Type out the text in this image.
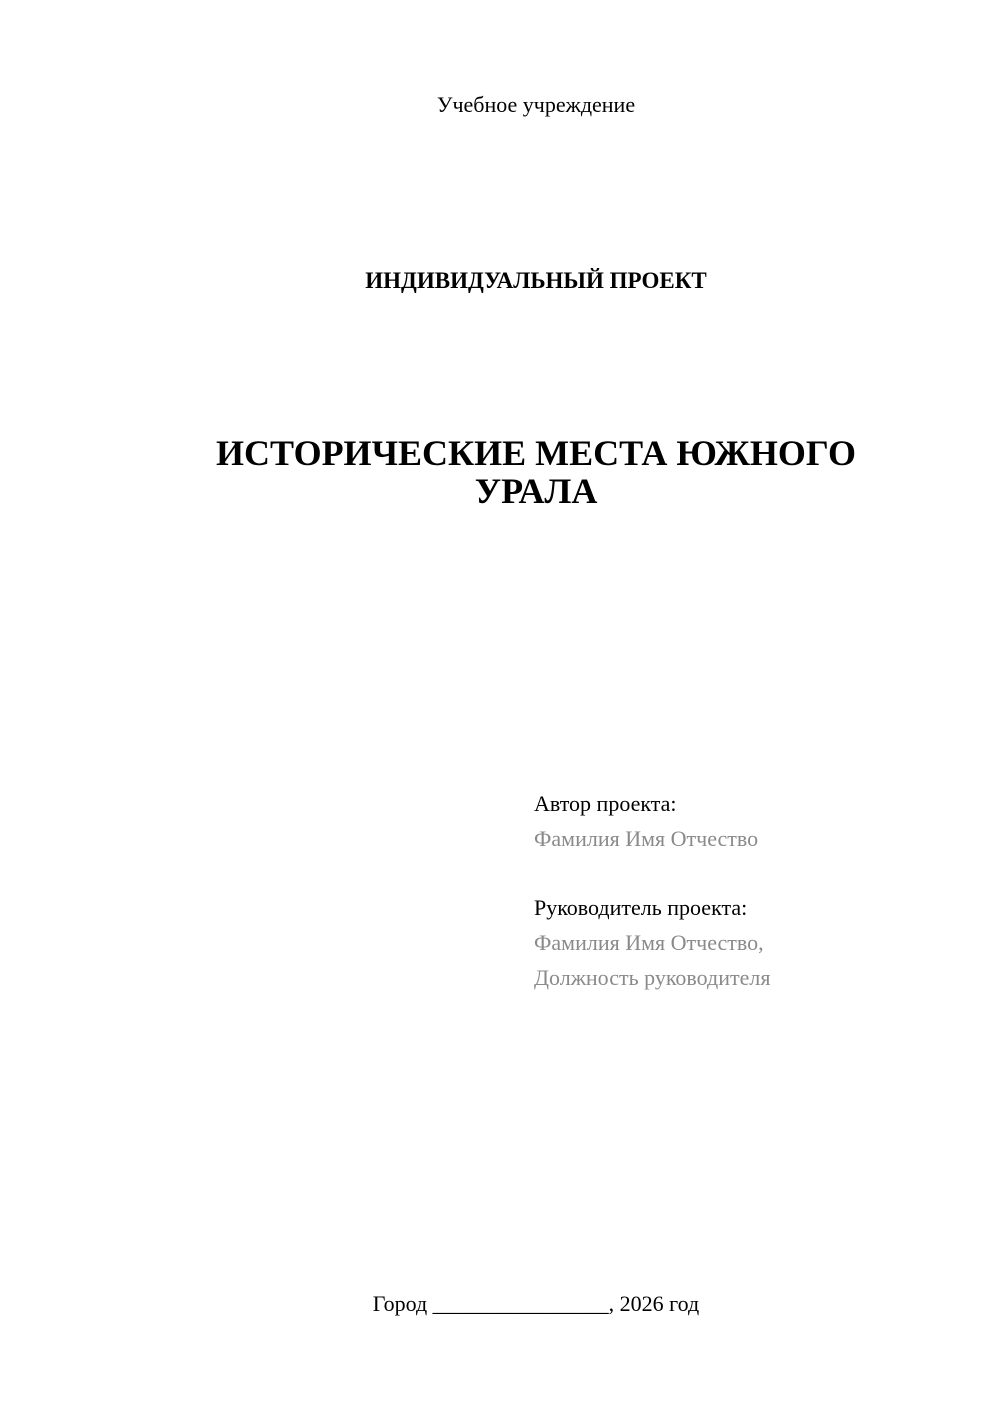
Учебное учреждение
ИНДИВИДУАЛЬНЫЙ ПРОЕКТ
ИСТОРИЧЕСКИЕ МЕСТА ЮЖНОГО
УРАЛА
Автор проекта:
Фамилия Имя Отчество
Руководитель проекта:
Фамилия Имя Отчество,
Должность руководителя
Город ________________, 2026 год
